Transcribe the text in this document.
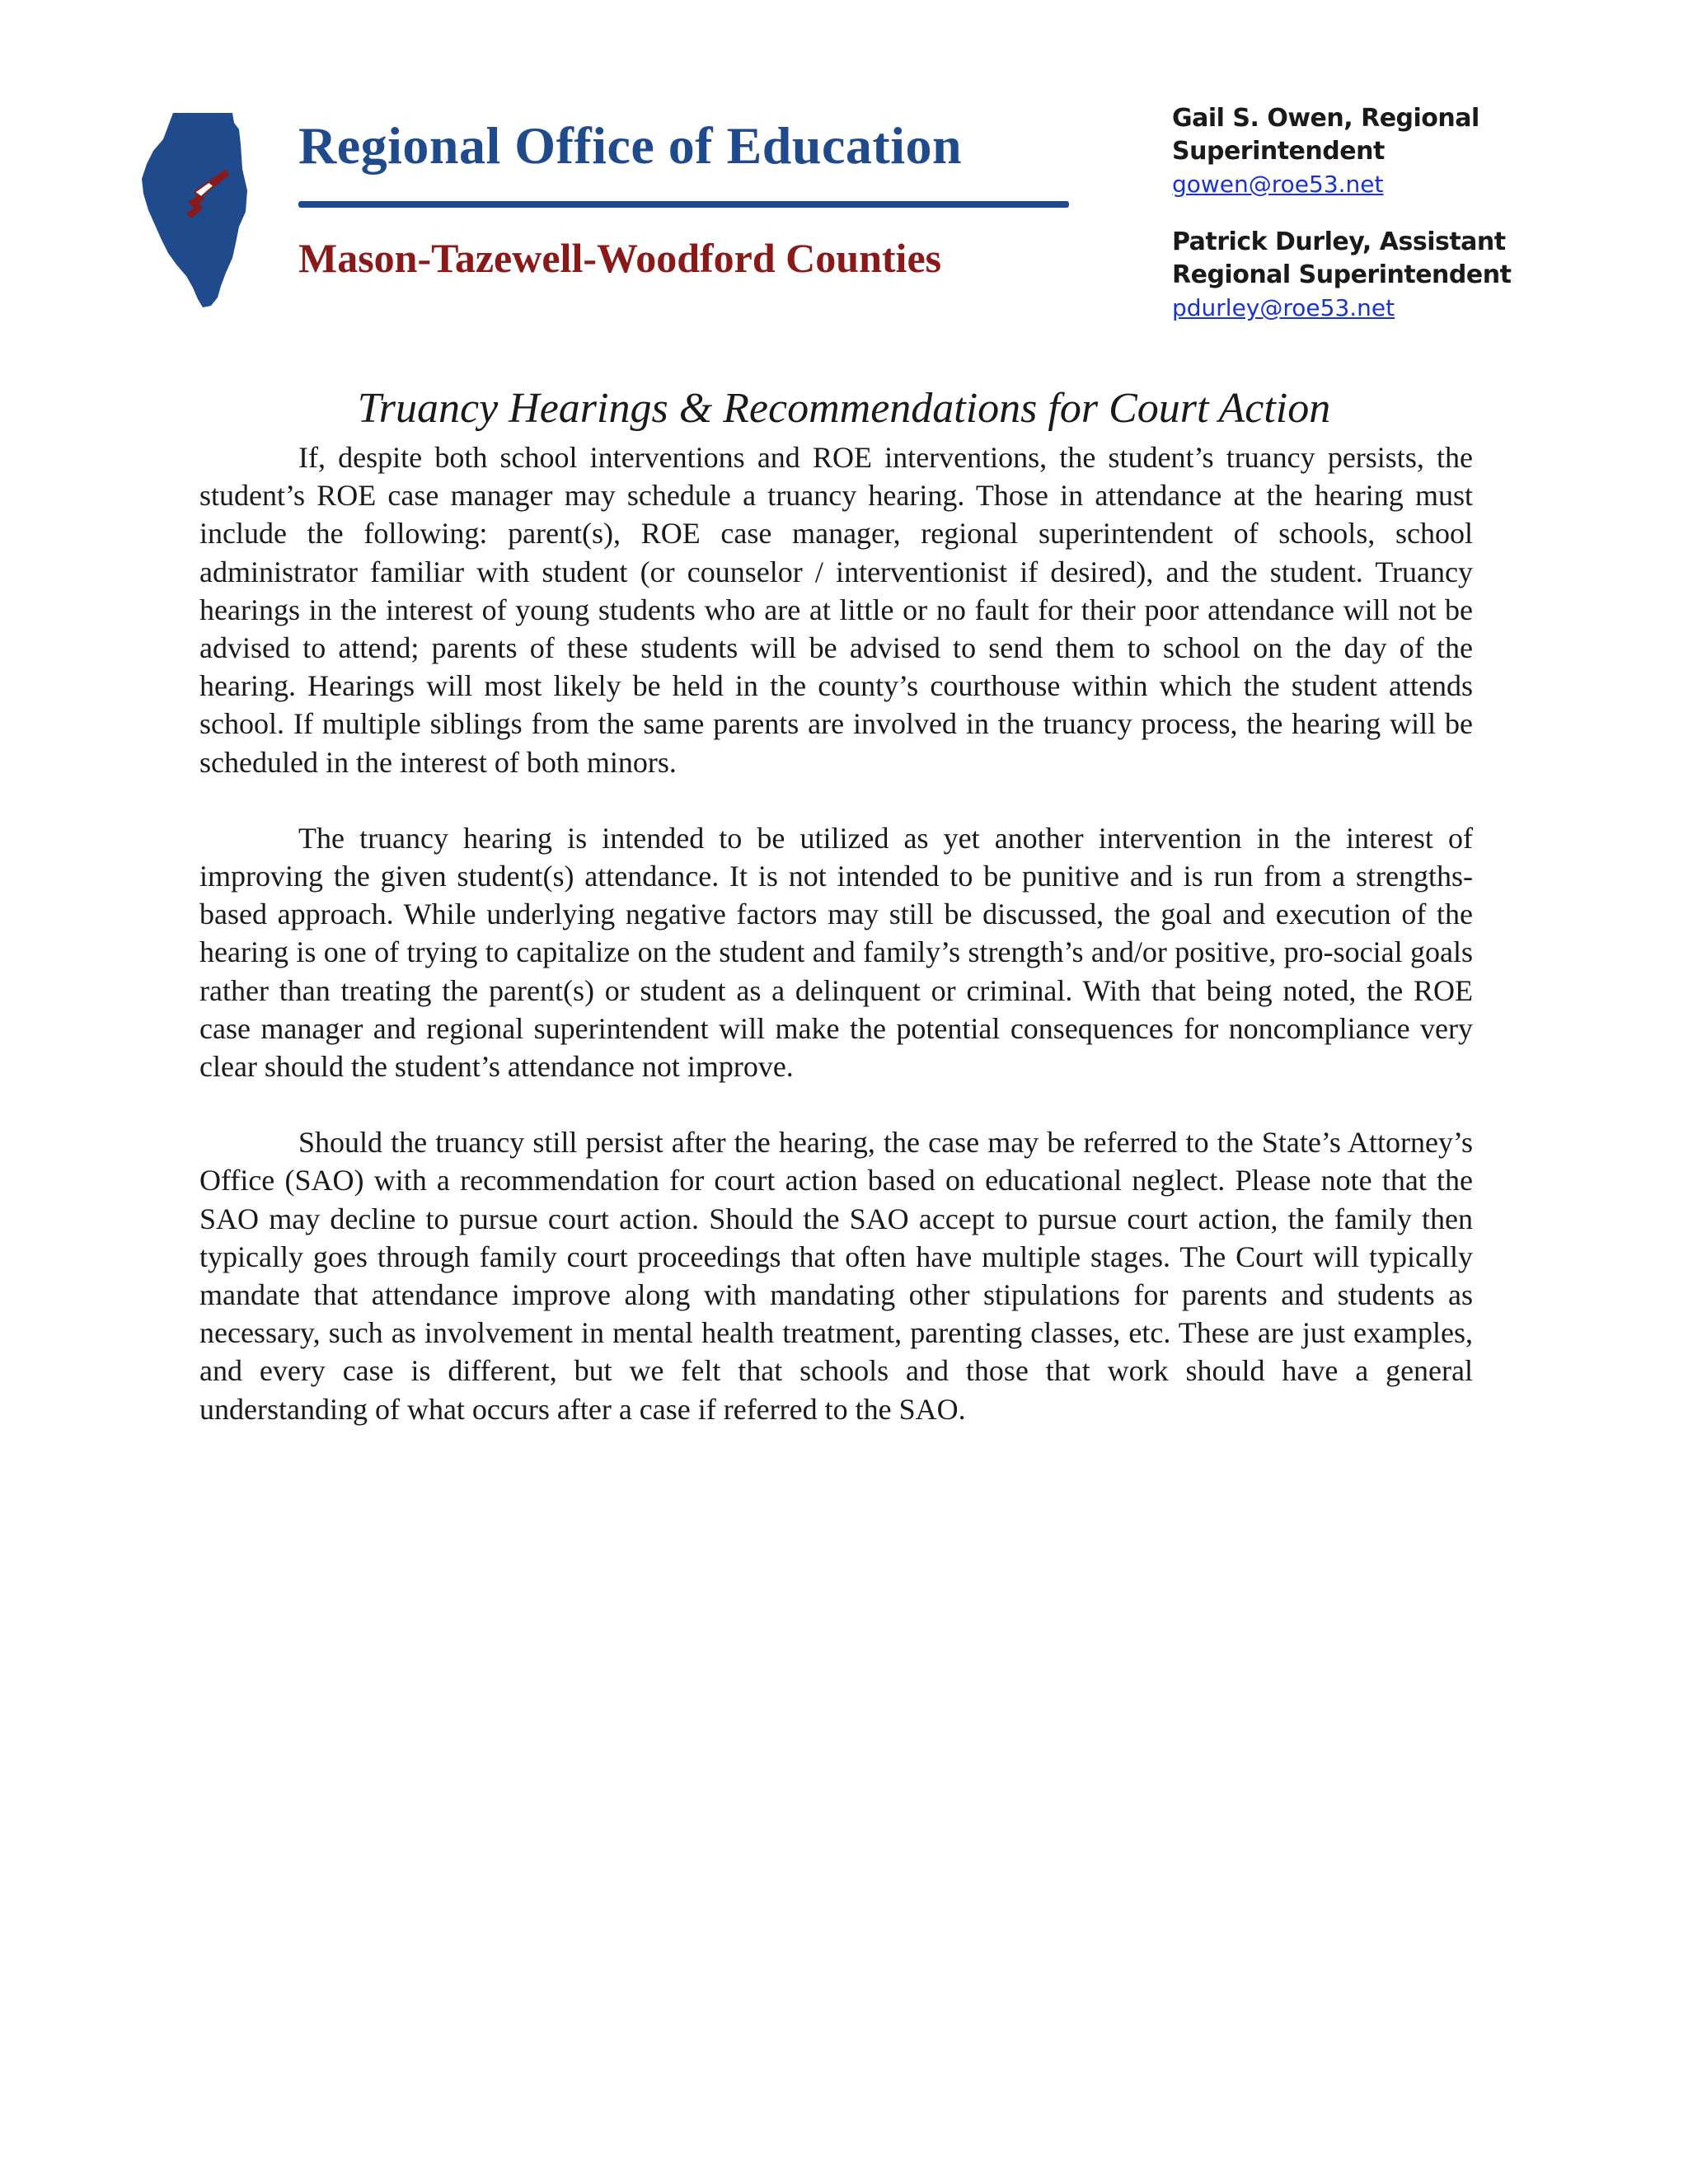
Regional Office of Education
Mason-Tazewell-Woodford Counties
Gail S. Owen, Regional Superintendent
gowen@roe53.net
Patrick Durley, Assistant Regional Superintendent
pdurley@roe53.net
Truancy Hearings & Recommendations for Court Action

If, despite both school interventions and ROE interventions, the student’s truancy persists, the student’s ROE case manager may schedule a truancy hearing. Those in attendance at the hearing must include the following: parent(s), ROE case manager, regional superintendent of schools, school administrator familiar with student (or counselor / interventionist if desired), and the student. Truancy hearings in the interest of young students who are at little or no fault for their poor attendance will not be advised to attend; parents of these students will be advised to send them to school on the day of the hearing. Hearings will most likely be held in the county’s courthouse within which the student attends school. If multiple siblings from the same parents are involved in the truancy process, the hearing will be scheduled in the interest of both minors.

The truancy hearing is intended to be utilized as yet another intervention in the interest of improving the given student(s) attendance. It is not intended to be punitive and is run from a strengths-based approach. While underlying negative factors may still be discussed, the goal and execution of the hearing is one of trying to capitalize on the student and family’s strength’s and/or positive, pro-social goals rather than treating the parent(s) or student as a delinquent or criminal. With that being noted, the ROE case manager and regional superintendent will make the potential consequences for noncompliance very clear should the student’s attendance not improve.

Should the truancy still persist after the hearing, the case may be referred to the State’s Attorney’s Office (SAO) with a recommendation for court action based on educational neglect. Please note that the SAO may decline to pursue court action. Should the SAO accept to pursue court action, the family then typically goes through family court proceedings that often have multiple stages. The Court will typically mandate that attendance improve along with mandating other stipulations for parents and students as necessary, such as involvement in mental health treatment, parenting classes, etc. These are just examples, and every case is different, but we felt that schools and those that work should have a general understanding of what occurs after a case if referred to the SAO.
